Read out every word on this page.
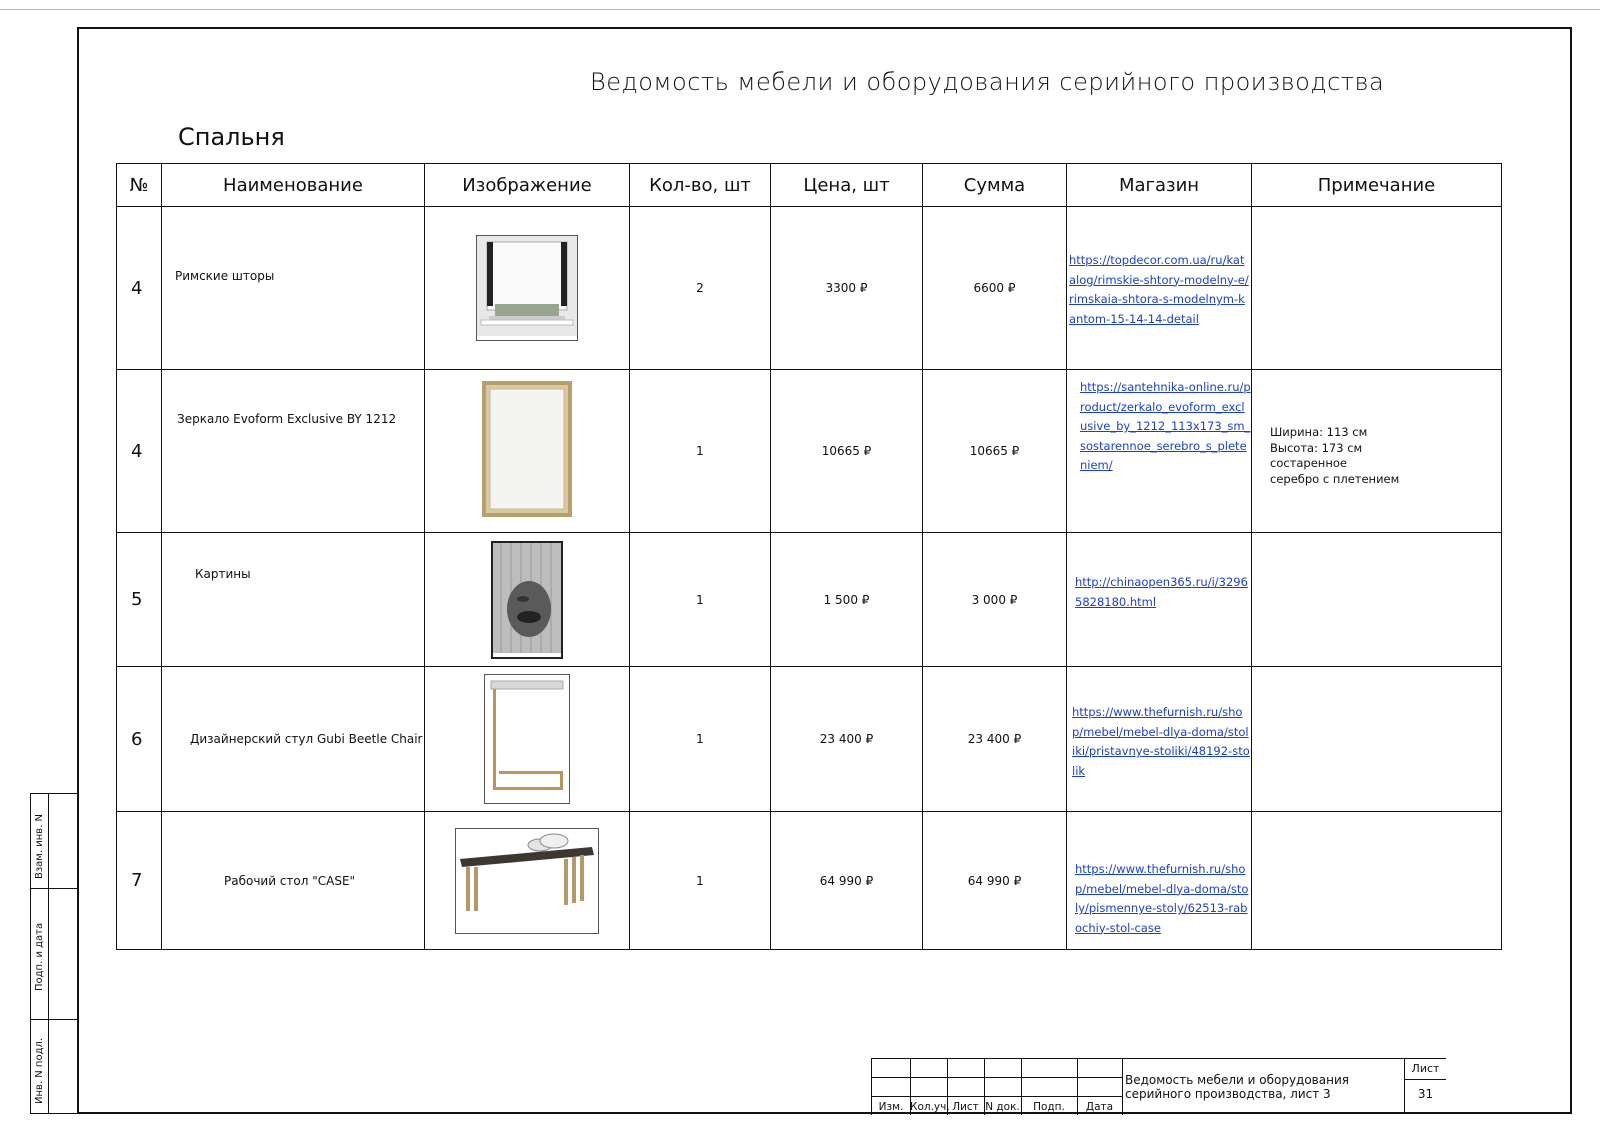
Взам. инв. N
Подп. и дата
Инв. N подл.
Ведомость мебели и оборудования серийного производства
Спальня
№	Наименование	Изображение	Кол-во, шт	Цена, шт	Сумма	Магазин	Примечание
4	Римские шторы		2	3300 ₽	6600 ₽	https://topdecor.com.ua/ru/katalog/rimskie-shtory-modelny-e/rimskaia-shtora-s-modelnym-kantom-15-14-14-detail	
4	Зеркало Evoform Exclusive BY 1212		1	10665 ₽	10665 ₽	https://santehnika-online.ru/product/zerkalo_evoform_exclusive_by_1212_113x173_sm_sostarennoe_serebro_s_pleteniem/	Ширина: 113 см
Высота: 173 см
состаренное
серебро с плетением
5	Картины		1	1 500 ₽	3 000 ₽	http://chinaopen365.ru/i/32965828180.html	
6	Дизайнерский стул Gubi Beetle Chair		1	23 400 ₽	23 400 ₽	https://www.thefurnish.ru/shop/mebel/mebel-dlya-doma/stoliki/pristavnye-stoliki/48192-stolik	
7	Рабочий стол "CASE"		1	64 990 ₽	64 990 ₽	https://www.thefurnish.ru/shop/mebel/mebel-dlya-doma/stoly/pismennye-stoly/62513-rabochiy-stol-case	
Изм. Кол.уч. Лист N док.	Подп.	Дата
Ведомость мебели и оборудования серийного производства, лист 3
Лист
31
